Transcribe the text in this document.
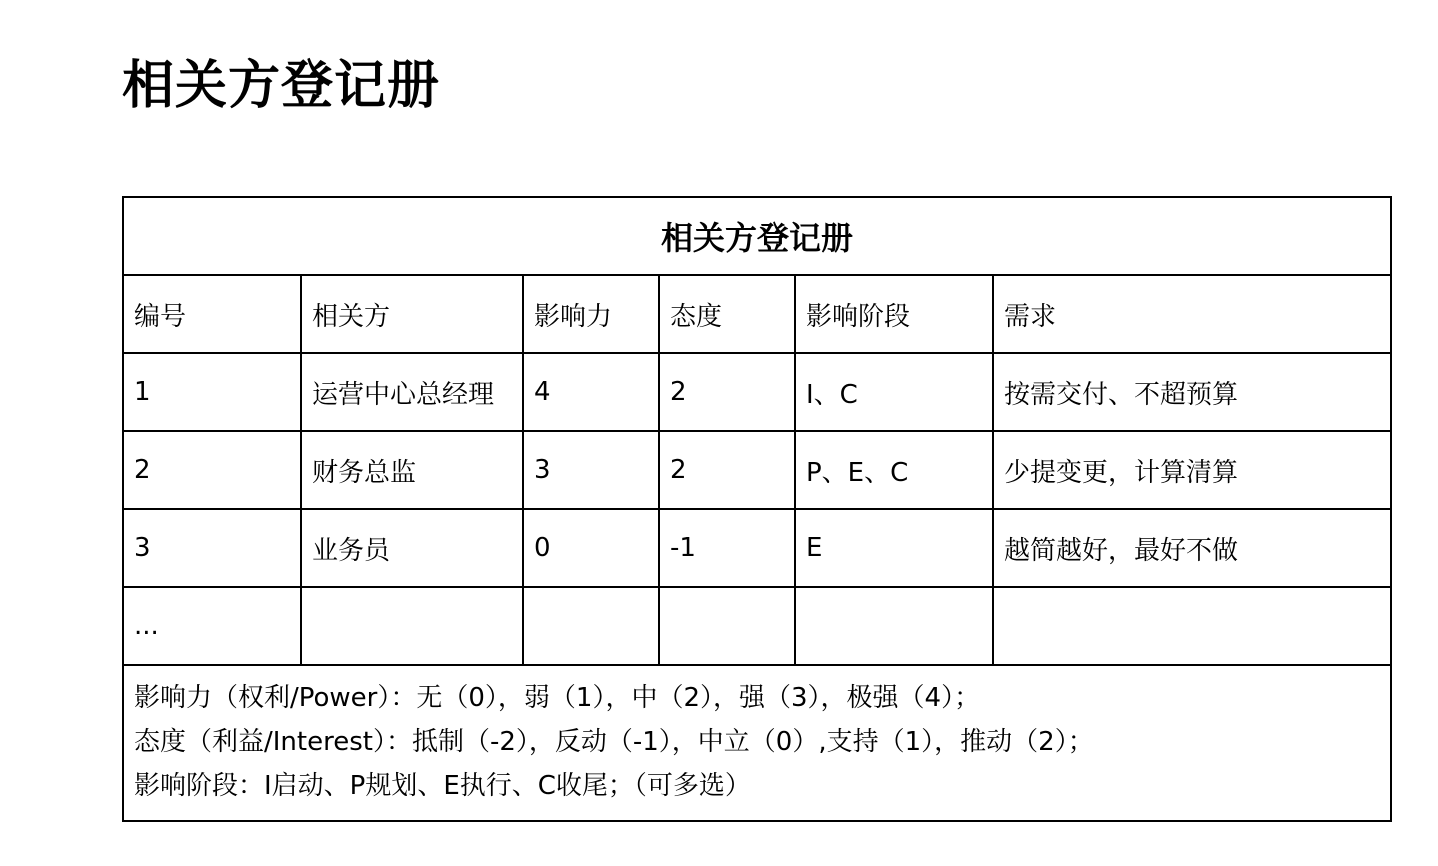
相关方登记册
相关方登记册					
编号	相关方	影响力	态度	影响阶段	需求
1	运营中心总经理	4	2	I、C	按需交付、不超预算
2	财务总监	3	2	P、E、C	少提变更，计算清算
3	业务员	0	-1	E	越简越好，最好不做
...					

影响力（权利/Power）：无（0），弱（1），中（2），强（3），极强（4）；
态度（利益/Interest）：抵制（-2），反动（-1），中立（0）,支持（1），推动（2）；
影响阶段：I启动、P规划、E执行、C收尾；（可多选）					
